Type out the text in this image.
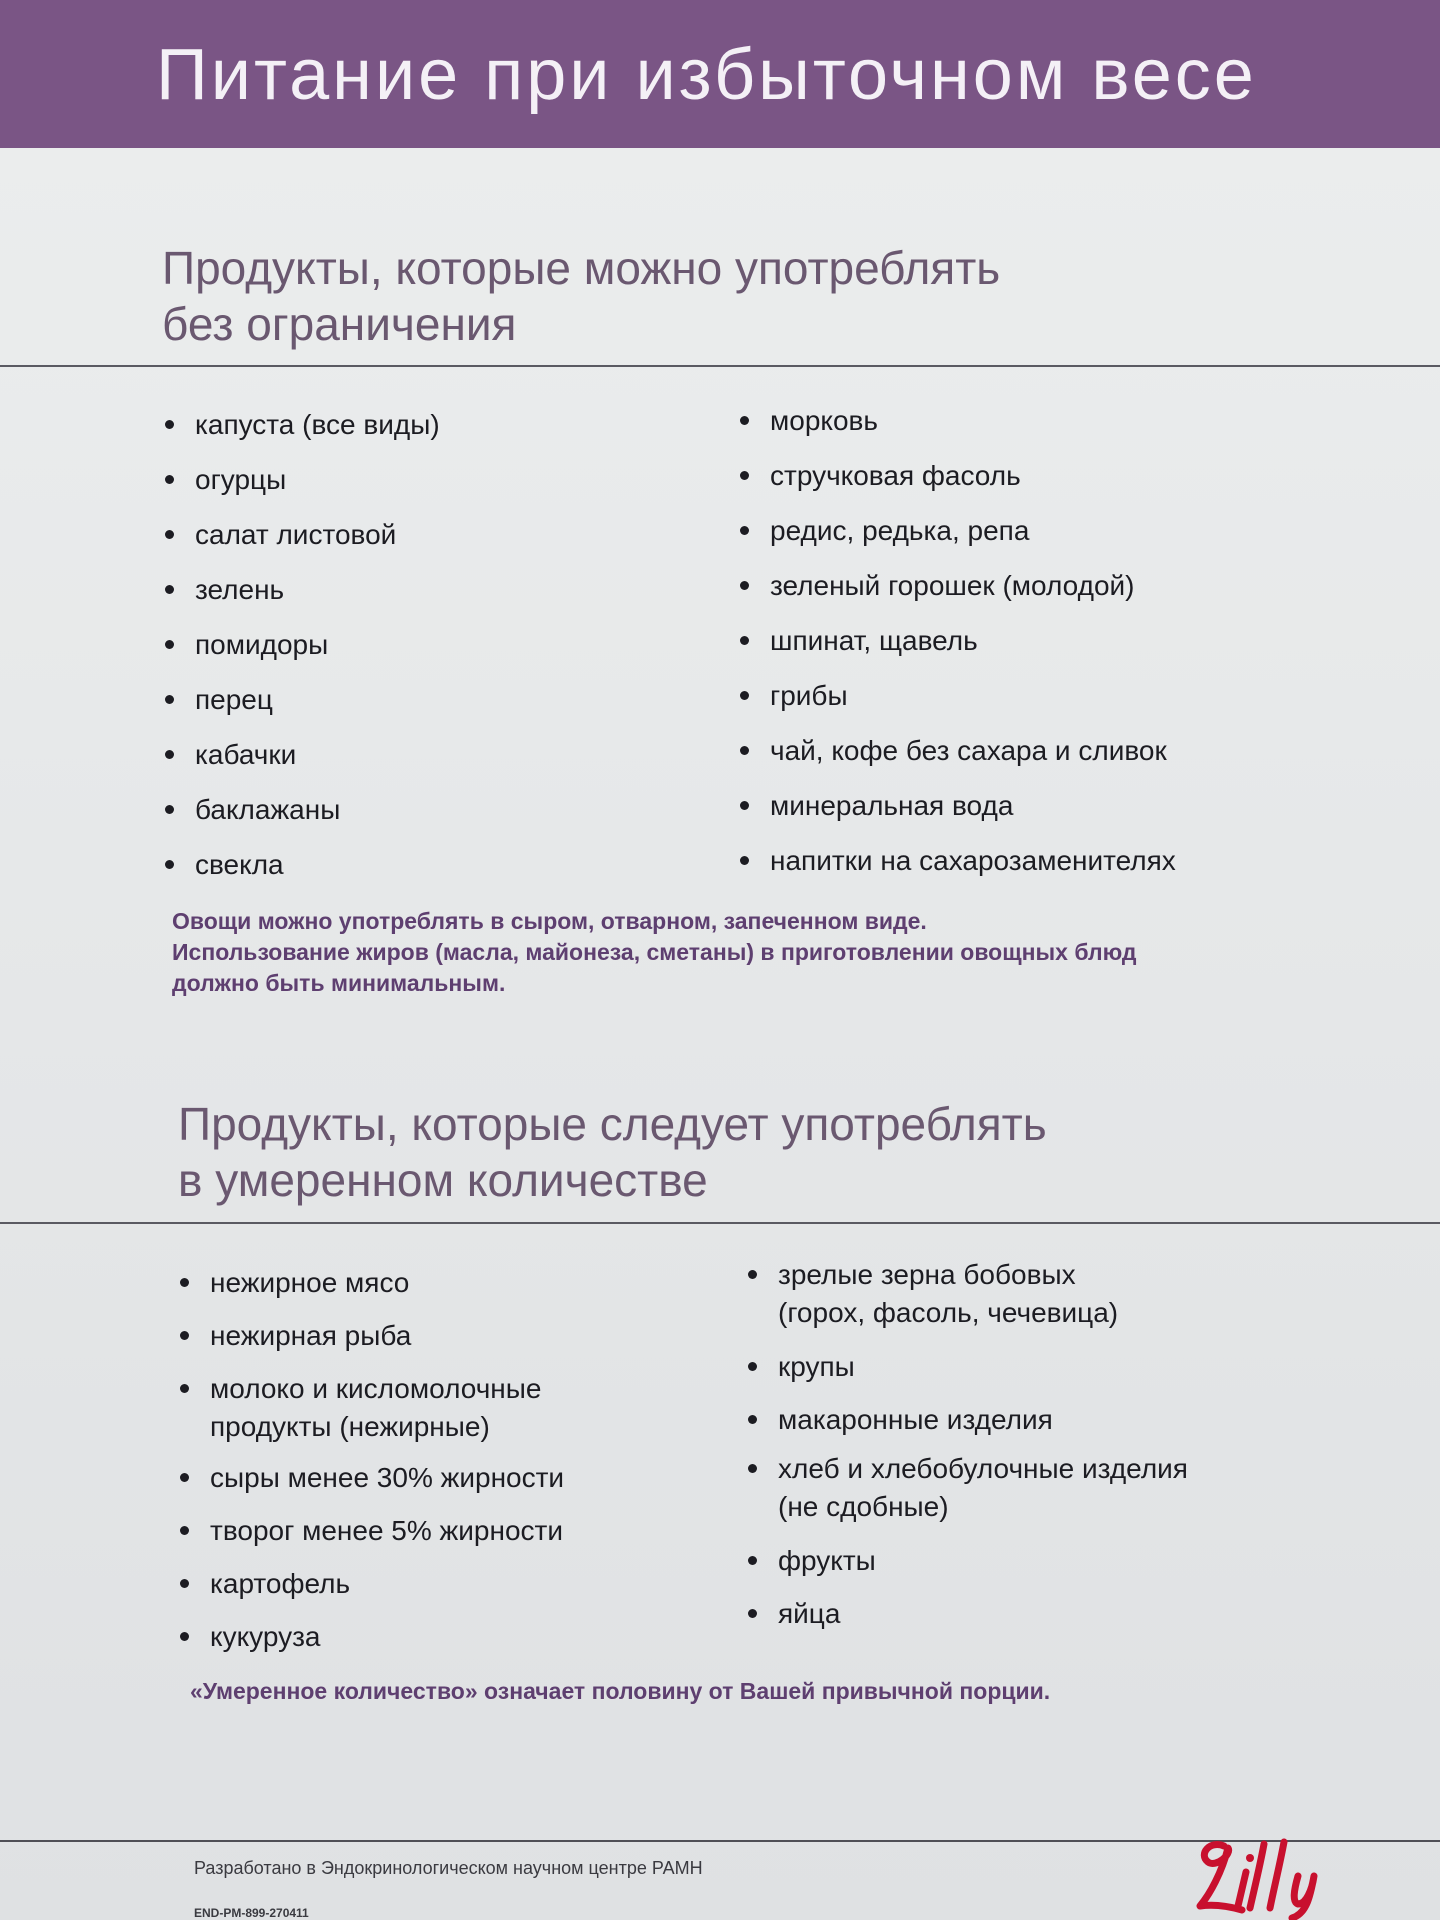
Питание при избыточном весе
Продукты, которые можно употреблять
без ограничения
капуста (все виды)
огурцы
салат листовой
зелень
помидоры
перец
кабачки
баклажаны
свекла
морковь
стручковая фасоль
редис, редька, репа
зеленый горошек (молодой)
шпинат, щавель
грибы
чай, кофе без сахара и сливок
минеральная вода
напитки на сахарозаменителях
Овощи можно употреблять в сыром, отварном, запеченном виде.
Использование жиров (масла, майонеза, сметаны) в приготовлении овощных блюд
должно быть минимальным.
Продукты, которые следует употреблять
в умеренном количестве
нежирное мясо
нежирная рыба
молоко и кисломолочные
продукты (нежирные)
сыры менее 30% жирности
творог менее 5% жирности
картофель
кукуруза
зрелые зерна бобовых
(горох, фасоль, чечевица)
крупы
макаронные изделия
хлеб и хлебобулочные изделия
(не сдобные)
фрукты
яйца
«Умеренное количество» означает половину от Вашей привычной порции.
Разработано в Эндокринологическом научном центре РАМН
END-PM-899-270411
